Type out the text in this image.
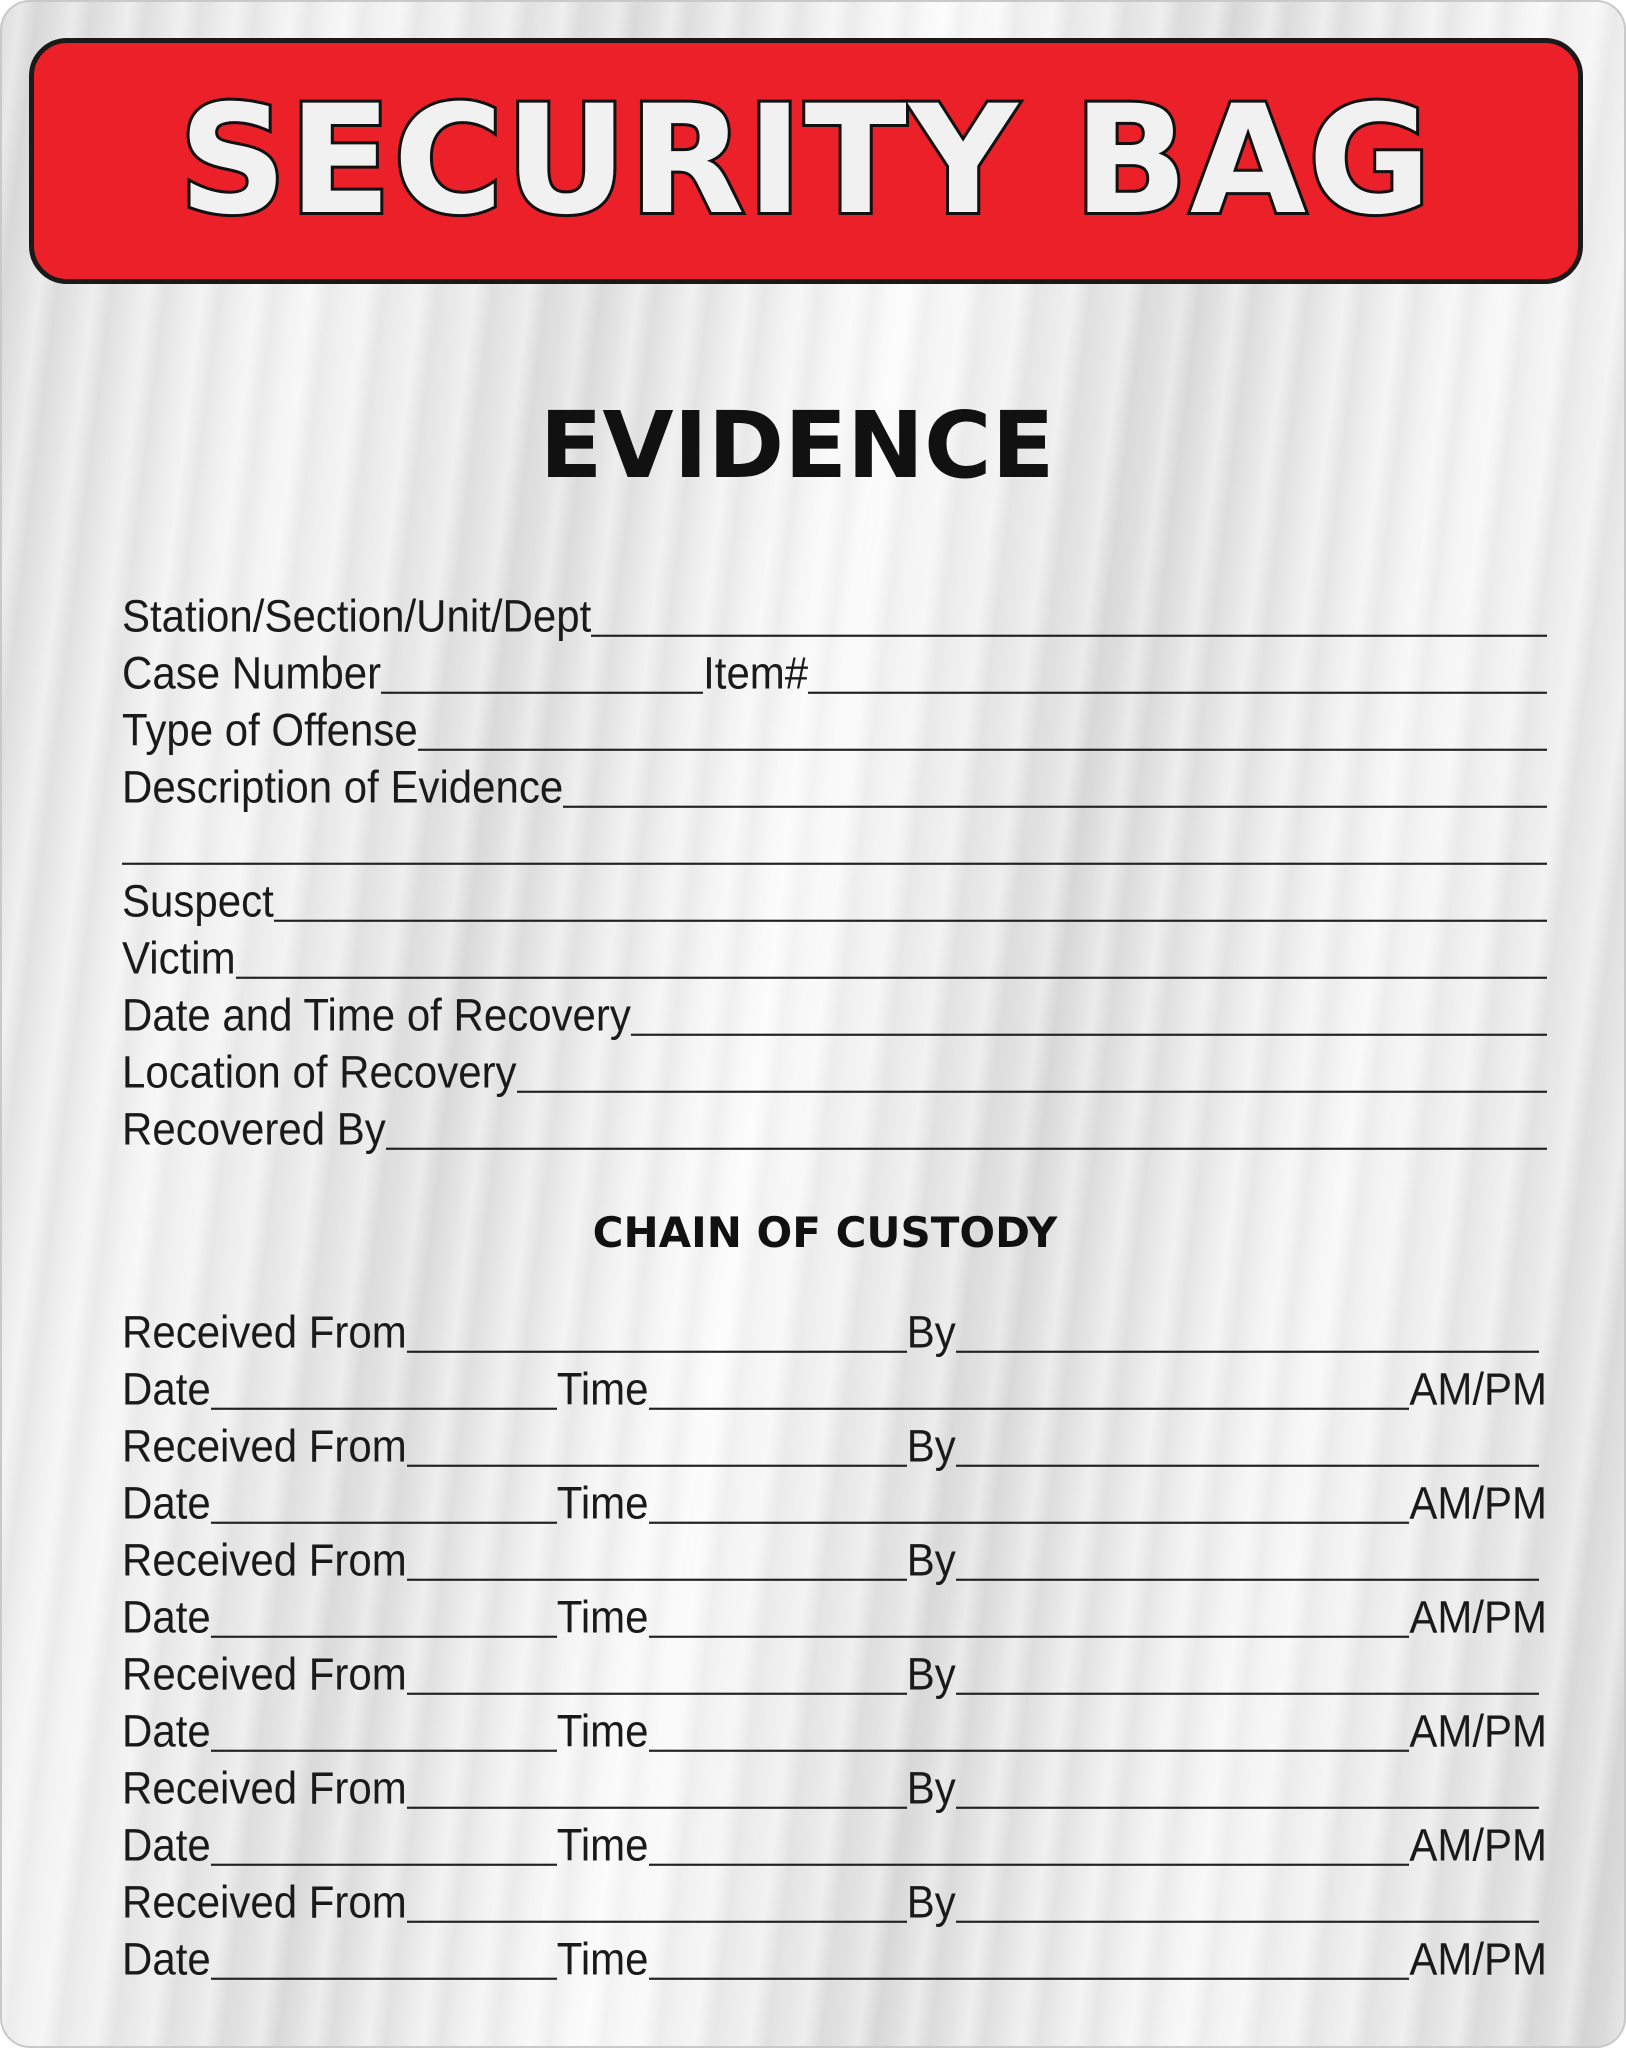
SECURITY BAG
EVIDENCE
Station/Section/Unit/Dept
Case Number	Item#
Type of Offense
Description of Evidence
Suspect
Victim
Date and Time of Recovery
Location of Recovery
Recovered By
CHAIN OF CUSTODY
Received From	By
Date	Time	AM/PM
Received From	By
Date	Time	AM/PM
Received From	By
Date	Time	AM/PM
Received From	By
Date	Time	AM/PM
Received From	By
Date	Time	AM/PM
Received From	By
Date	Time	AM/PM
